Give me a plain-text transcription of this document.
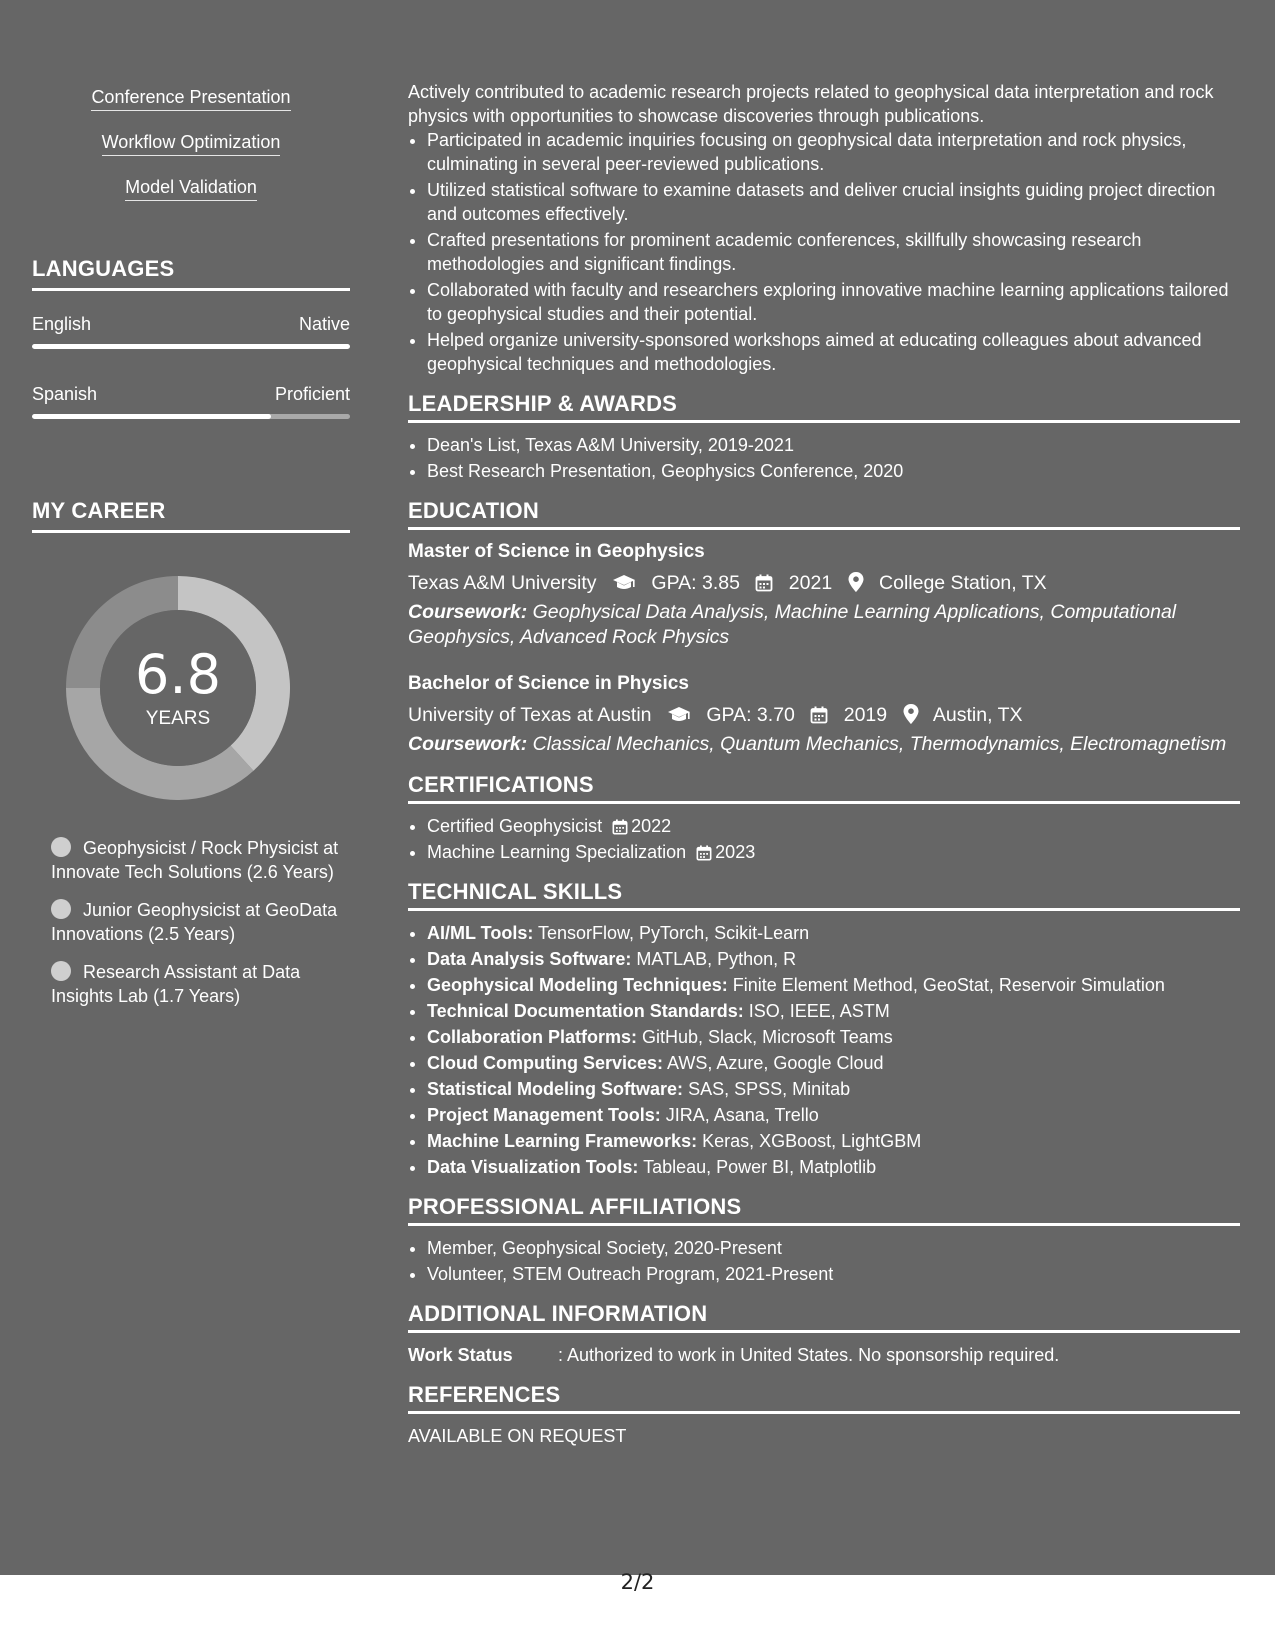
Conference Presentation
Workflow Optimization
Model Validation
LANGUAGES
English	Native
Spanish	Proficient
MY CAREER
6.8
YEARS
Geophysicist / Rock Physicist at Innovate Tech Solutions (2.6 Years)
Junior Geophysicist at GeoData Innovations (2.5 Years)
Research Assistant at Data Insights Lab (1.7 Years)

Actively contributed to academic research projects related to geophysical data interpretation and rock physics with opportunities to showcase discoveries through publications.

• Participated in academic inquiries focusing on geophysical data interpretation and rock physics, culminating in several peer-reviewed publications.
• Utilized statistical software to examine datasets and deliver crucial insights guiding project direction and outcomes effectively.
• Crafted presentations for prominent academic conferences, skillfully showcasing research methodologies and significant findings.
• Collaborated with faculty and researchers exploring innovative machine learning applications tailored to geophysical studies and their potential.
• Helped organize university-sponsored workshops aimed at educating colleagues about advanced geophysical techniques and methodologies.
LEADERSHIP & AWARDS
• Dean's List, Texas A&M University, 2019-2021
• Best Research Presentation, Geophysics Conference, 2020
EDUCATION
Master of Science in Geophysics
Texas A&M University	GPA: 3.85	2021 College Station, TX
Coursework: Geophysical Data Analysis, Machine Learning Applications, Computational Geophysics, Advanced Rock Physics
Bachelor of Science in Physics
University of Texas at Austin	GPA: 3.70	2019 Austin, TX
Coursework: Classical Mechanics, Quantum Mechanics, Thermodynamics, Electromagnetism
CERTIFICATIONS
• Certified Geophysicist 2022
• Machine Learning Specialization 2023
TECHNICAL SKILLS
• AI/ML Tools: TensorFlow, PyTorch, Scikit-Learn
• Data Analysis Software: MATLAB, Python, R
• Geophysical Modeling Techniques: Finite Element Method, GeoStat, Reservoir Simulation
• Technical Documentation Standards: ISO, IEEE, ASTM
• Collaboration Platforms: GitHub, Slack, Microsoft Teams
• Cloud Computing Services: AWS, Azure, Google Cloud
• Statistical Modeling Software: SAS, SPSS, Minitab
• Project Management Tools: JIRA, Asana, Trello
• Machine Learning Frameworks: Keras, XGBoost, LightGBM
• Data Visualization Tools: Tableau, Power BI, Matplotlib
PROFESSIONAL AFFILIATIONS
• Member, Geophysical Society, 2020-Present
• Volunteer, STEM Outreach Program, 2021-Present
ADDITIONAL INFORMATION
Work Status	: Authorized to work in United States. No sponsorship required.
REFERENCES
AVAILABLE ON REQUEST
2/2
